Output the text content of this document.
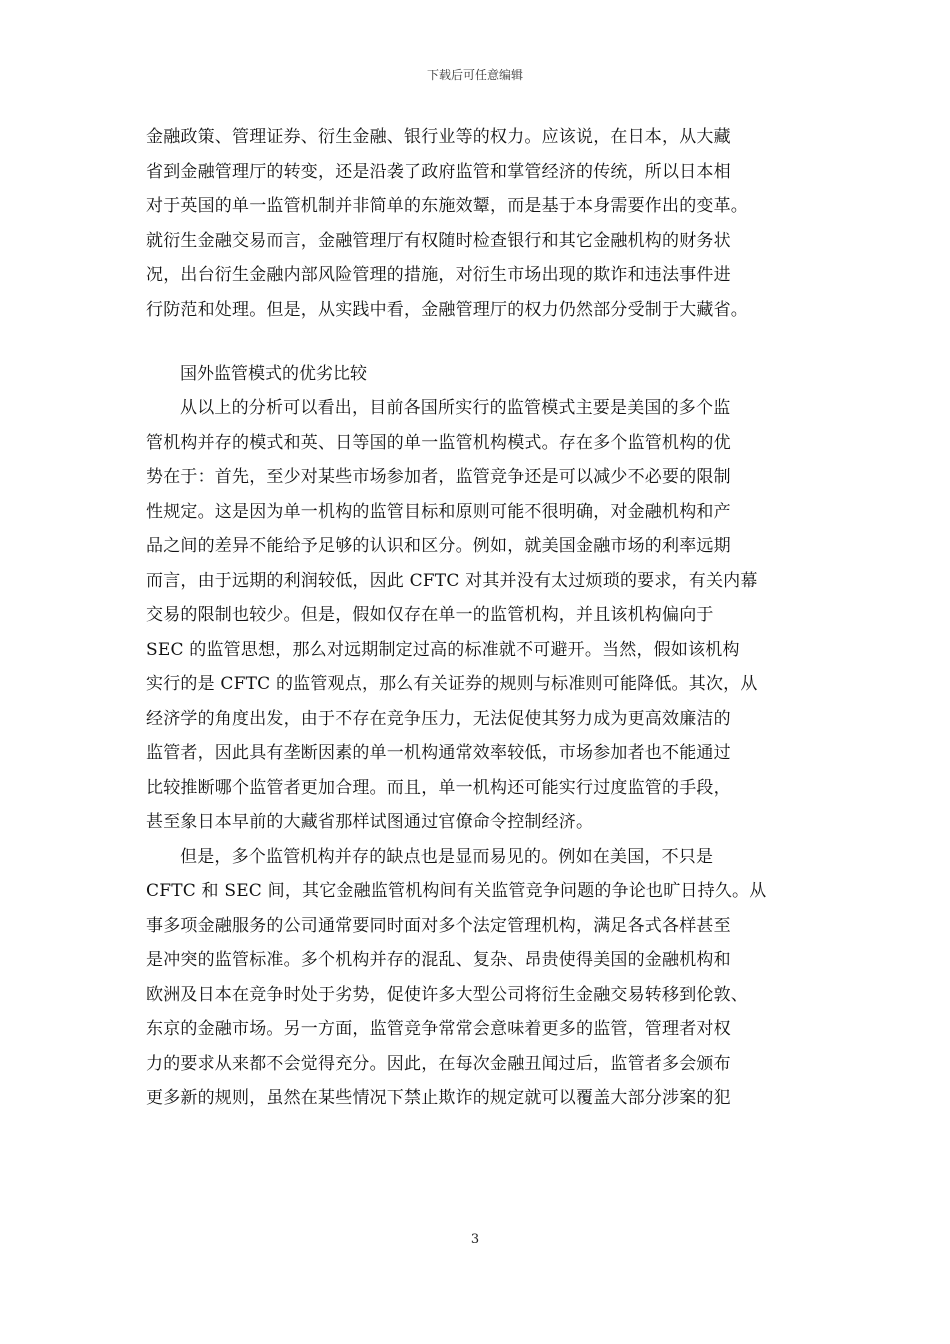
下载后可任意编辑
金融政策、管理证券、衍生金融、银行业等的权力。应该说，在日本，从大藏
省到金融管理厅的转变，还是沿袭了政府监管和掌管经济的传统，所以日本相
对于英国的单一监管机制并非简单的东施效颦，而是基于本身需要作出的变革。
就衍生金融交易而言，金融管理厅有权随时检查银行和其它金融机构的财务状
况，出台衍生金融内部风险管理的措施，对衍生市场出现的欺诈和违法事件进
行防范和处理。但是，从实践中看，金融管理厅的权力仍然部分受制于大藏省。
国外监管模式的优劣比较
从以上的分析可以看出，目前各国所实行的监管模式主要是美国的多个监
管机构并存的模式和英、日等国的单一监管机构模式。存在多个监管机构的优
势在于：首先，至少对某些市场参加者，监管竞争还是可以减少不必要的限制
性规定。这是因为单一机构的监管目标和原则可能不很明确，对金融机构和产
品之间的差异不能给予足够的认识和区分。例如，就美国金融市场的利率远期
而言，由于远期的利润较低，因此 CFTC 对其并没有太过烦琐的要求，有关内幕
交易的限制也较少。但是，假如仅存在单一的监管机构，并且该机构偏向于
SEC 的监管思想，那么对远期制定过高的标准就不可避开。当然，假如该机构
实行的是 CFTC 的监管观点，那么有关证券的规则与标准则可能降低。其次，从
经济学的角度出发，由于不存在竞争压力，无法促使其努力成为更高效廉洁的
监管者，因此具有垄断因素的单一机构通常效率较低，市场参加者也不能通过
比较推断哪个监管者更加合理。而且，单一机构还可能实行过度监管的手段，
甚至象日本早前的大藏省那样试图通过官僚命令控制经济。
但是，多个监管机构并存的缺点也是显而易见的。例如在美国，不只是
CFTC 和 SEC 间，其它金融监管机构间有关监管竞争问题的争论也旷日持久。从
事多项金融服务的公司通常要同时面对多个法定管理机构，满足各式各样甚至
是冲突的监管标准。多个机构并存的混乱、复杂、昂贵使得美国的金融机构和
欧洲及日本在竞争时处于劣势，促使许多大型公司将衍生金融交易转移到伦敦、
东京的金融市场。另一方面，监管竞争常常会意味着更多的监管，管理者对权
力的要求从来都不会觉得充分。因此，在每次金融丑闻过后，监管者多会颁布
更多新的规则，虽然在某些情况下禁止欺诈的规定就可以覆盖大部分涉案的犯
3
